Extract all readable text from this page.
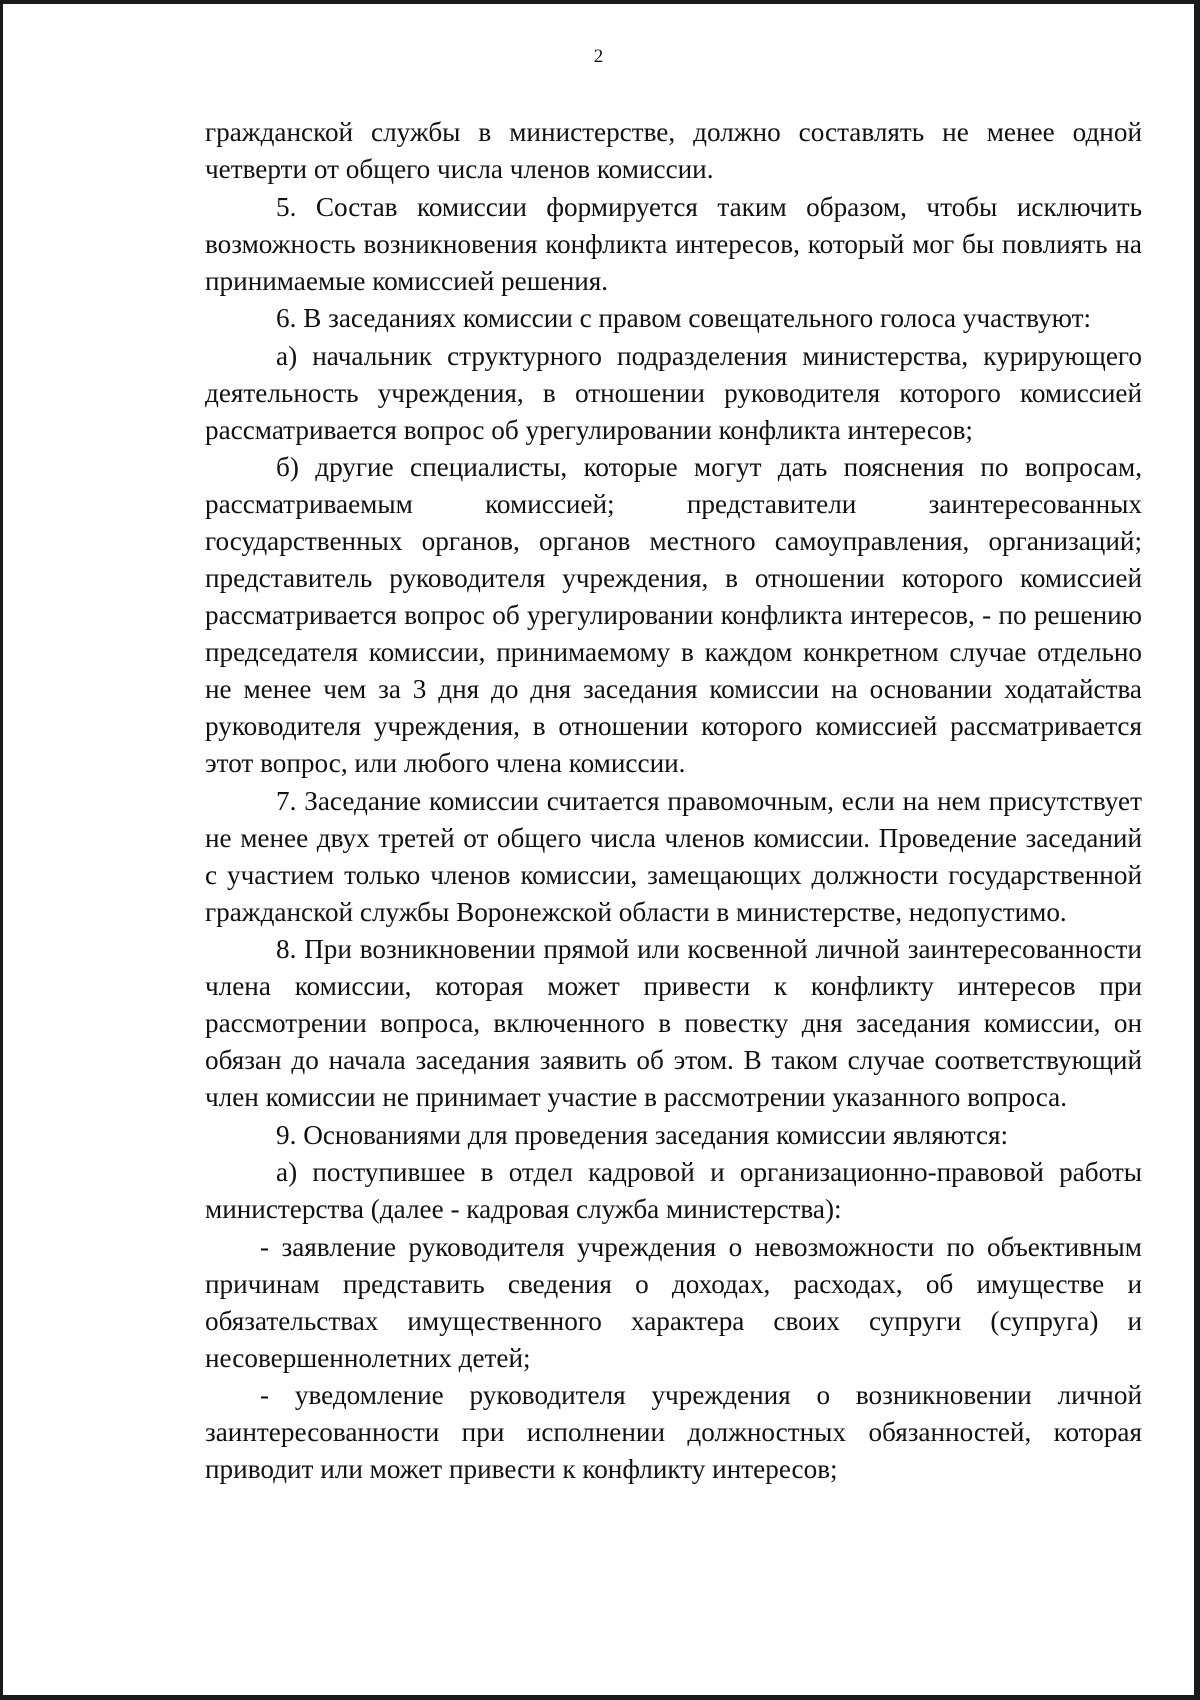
2

гражданской службы в министерстве, должно составлять не менее одной четверти от общего числа членов комиссии.

5. Состав комиссии формируется таким образом, чтобы исключить возможность возникновения конфликта интересов, который мог бы повлиять на принимаемые комиссией решения.

6. В заседаниях комиссии с правом совещательного голоса участвуют:

а) начальник структурного подразделения министерства, курирующего деятельность учреждения, в отношении руководителя которого комиссией рассматривается вопрос об урегулировании конфликта интересов;

б) другие специалисты, которые могут дать пояснения по вопросам, рассматриваемым комиссией; представители заинтересованных государственных органов, органов местного самоуправления, организаций; представитель руководителя учреждения, в отношении которого комиссией рассматривается вопрос об урегулировании конфликта интересов, - по решению председателя комиссии, принимаемому в каждом конкретном случае отдельно не менее чем за 3 дня до дня заседания комиссии на основании ходатайства руководителя учреждения, в отношении которого комиссией рассматривается этот вопрос, или любого члена комиссии.

7. Заседание комиссии считается правомочным, если на нем присутствует не менее двух третей от общего числа членов комиссии. Проведение заседаний с участием только членов комиссии, замещающих должности государственной гражданской службы Воронежской области в министерстве, недопустимо.

8. При возникновении прямой или косвенной личной заинтересованности члена комиссии, которая может привести к конфликту интересов при рассмотрении вопроса, включенного в повестку дня заседания комиссии, он обязан до начала заседания заявить об этом. В таком случае соответствующий член комиссии не принимает участие в рассмотрении указанного вопроса.

9. Основаниями для проведения заседания комиссии являются:

а) поступившее в отдел кадровой и организационно-правовой работы министерства (далее - кадровая служба министерства):

- заявление руководителя учреждения о невозможности по объективным причинам представить сведения о доходах, расходах, об имуществе и обязательствах имущественного характера своих супруги (супруга) и несовершеннолетних детей;

- уведомление руководителя учреждения о возникновении личной заинтересованности при исполнении должностных обязанностей, которая приводит или может привести к конфликту интересов;
